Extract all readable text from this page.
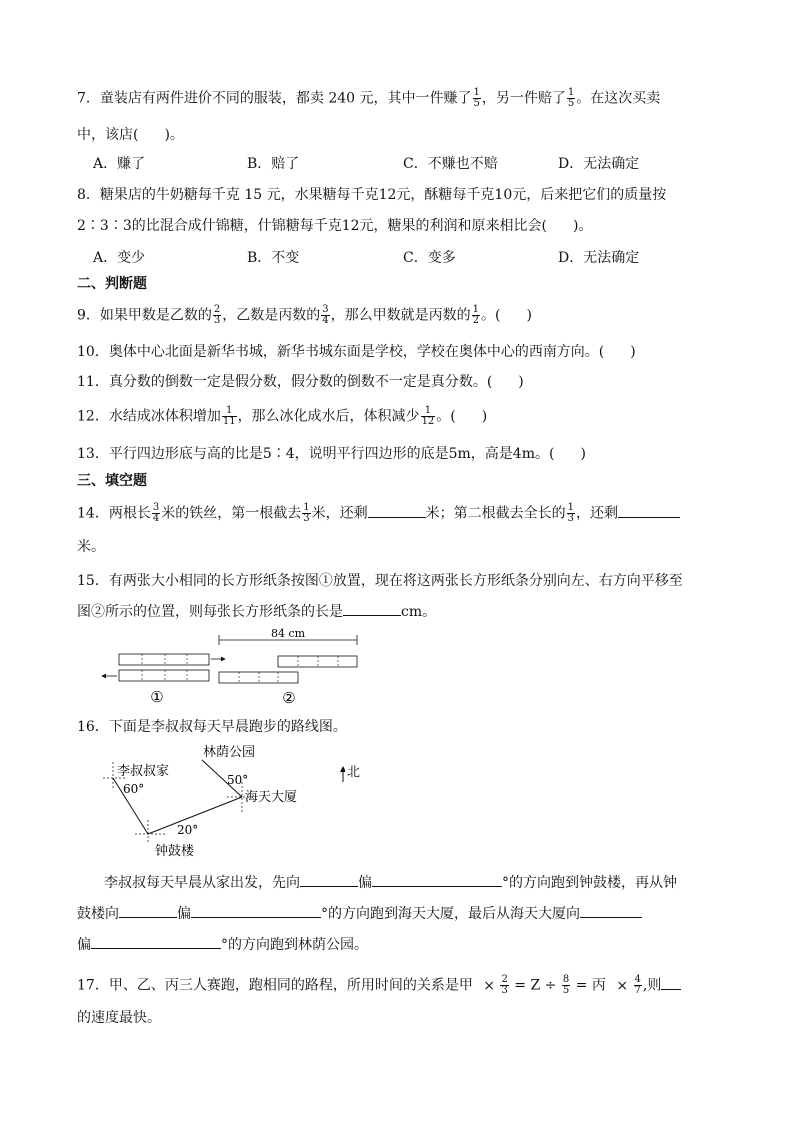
7．童装店有两件进价不同的服装，都卖 240 元，其中一件赚了 $\frac{1}{5}$ ，另一件赔了 $\frac{1}{5}$ 。在这次买卖
中，该店( )。
A．赚了	B．赔了	C．不赚也不赔	D．无法确定
8．糖果店的牛奶糖每千克 15 元，水果糖每千克12元，酥糖每千克10元，后来把它们的质量按
2∶3∶3的比混合成什锦糖，什锦糖每千克12元，糖果的利润和原来相比会( )。
A．变少	B．不变	C．变多	D．无法确定
二、判断题
9．如果甲数是乙数的 $\frac{2}{3}$ ，乙数是丙数的 $\frac{3}{4}$ ，那么甲数就是丙数的 $\frac{1}{2}$ 。( )
10．奥体中心北面是新华书城，新华书城东面是学校，学校在奥体中心的西南方向。( )
11．真分数的倒数一定是假分数，假分数的倒数不一定是真分数。( )
12．水结成冰体积增加 $\frac{1}{11}$ ，那么冰化成水后，体积减少 $\frac{1}{12}$ 。( )
13．平行四边形底与高的比是5∶4，说明平行四边形的底是5m，高是4m。( )
三、填空题
14．两根长 $\frac{3}{4}$ 米的铁丝，第一根截去 $\frac{1}{3}$ 米，还剩	米；第二根截去全长的 $\frac{1}{3}$ ，还剩
米。
15．有两张大小相同的长方形纸条按图①放置，现在将这两张长方形纸条分别向左、右方向平移至
图②所示的位置，则每张长方形纸条的长是	cm。
①
84 cm
②
16．下面是李叔叔每天早晨跑步的路线图。
李叔叔家
60°
林荫公园
50°
海天大厦
20°
钟鼓楼
北
李叔叔每天早晨从家出发，先向	偏	°的方向跑到钟鼓楼，再从钟
鼓楼向	偏	°的方向跑到海天大厦，最后从海天大厦向
偏	°的方向跑到林荫公园。
17．甲、乙、丙三人赛跑，跑相同的路程，所用时间的关系是甲 × $\frac{2}{3} = Z \div \frac{8}{5}$ = 丙 × $\frac{4}{7}$ ,则
的速度最快。
